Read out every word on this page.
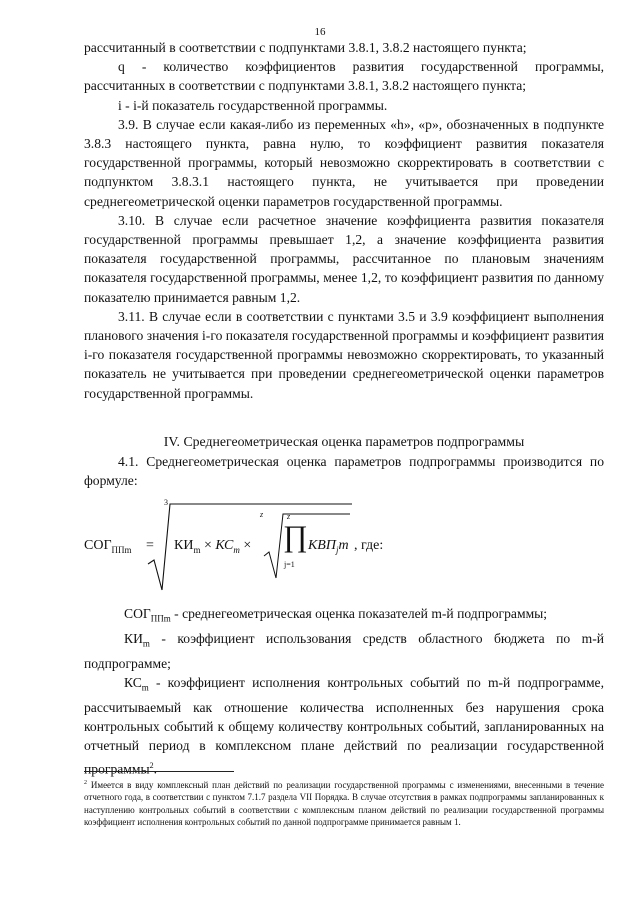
16

рассчитанный в соответствии с подпунктами 3.8.1, 3.8.2 настоящего пункта;

q - количество коэффициентов развития государственной программы, рассчитанных в соответствии с подпунктами 3.8.1, 3.8.2 настоящего пункта;

i - i-й показатель государственной программы.

3.9. В случае если какая-либо из переменных «h», «p», обозначенных в подпункте 3.8.3 настоящего пункта, равна нулю, то коэффициент развития показателя государственной программы, который невозможно скорректировать в соответствии с подпунктом 3.8.3.1 настоящего пункта, не учитывается при проведении среднегеометрической оценки параметров государственной программы.

3.10. В случае если расчетное значение коэффициента развития показателя государственной программы превышает 1,2, а значение коэффициента развития показателя государственной программы, рассчитанное по плановым значениям показателя государственной программы, менее 1,2, то коэффициент развития по данному показателю принимается равным 1,2.

3.11. В случае если в соответствии с пунктами 3.5 и 3.9 коэффициент выполнения планового значения i-го показателя государственной программы и коэффициент развития i-го показателя государственной программы невозможно скорректировать, то указанный показатель не учитывается при проведении среднегеометрической оценки параметров государственной программы.

IV. Среднегеометрическая оценка параметров подпрограммы

4.1. Среднегеометрическая оценка параметров подпрограммы производится по формуле:

$СОГ_{ППm}$ =
3
$КИ_m \times КС_m$ ×
z	z
∏
j=1
$КВП_jm$ , где:

$СОГ_{ППm}$ - среднегеометрическая оценка показателей m-й подпрограммы;

$КИ_m$ - коэффициент использования средств областного бюджета по m-й подпрограмме;

$КС_m$ - коэффициент исполнения контрольных событий по m-й подпрограмме, рассчитываемый как отношение количества исполненных без нарушения срока контрольных событий к общему количеству контрольных событий, запланированных на отчетный период в комплексном плане действий по реализации государственной программы$^2$.

$^2$ Имеется в виду комплексный план действий по реализации государственной программы с изменениями, внесенными в течение отчетного года, в соответствии с пунктом 7.1.7 раздела VII Порядка. В случае отсутствия в рамках подпрограммы запланированных к наступлению контрольных событий в соответствии с комплексным планом действий по реализации государственной программы коэффициент исполнения контрольных событий по данной подпрограмме принимается равным 1.
